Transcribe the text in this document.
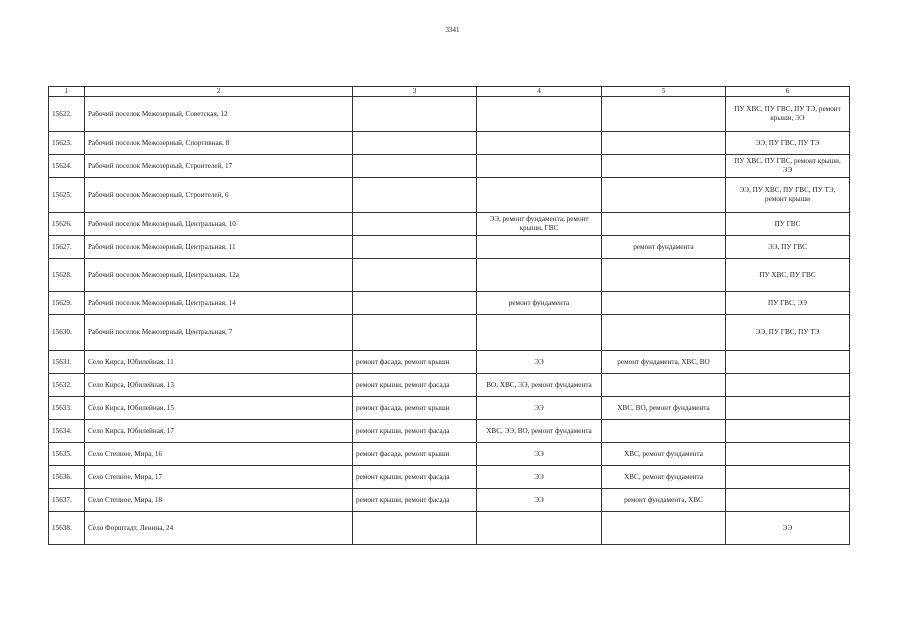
3341
1	2	3	4	5	6
15622.	Рабочий поселок Межозерный, Советская, 12				ПУ ХВС, ПУ ГВС, ПУ ТЭ, ремонт крыши, ЭЭ
15623.	Рабочий поселок Межозерный, Спортивная, 8				ЭЭ, ПУ ГВС, ПУ ТЭ
15624.	Рабочий поселок Межозерный, Строителей, 17				ПУ ХВС, ПУ ГВС, ремонт крыши, ЭЭ
15625.	Рабочий поселок Межозерный, Строителей, 6				ЭЭ, ПУ ХВС, ПУ ГВС, ПУ ТЭ, ремонт крыши
15626.	Рабочий поселок Межозерный, Центральная, 10		ЭЭ, ремонт фундамента, ремонт крыши, ГВС		ПУ ГВС
15627.	Рабочий поселок Межозерный, Центральная, 11			ремонт фундамента	ЭЭ, ПУ ГВС
15628.	Рабочий поселок Межозерный, Центральная, 12а				ПУ ХВС, ПУ ГВС
15629.	Рабочий поселок Межозерный, Центральная, 14		ремонт фундамента		ПУ ГВС, ЭЭ
15630.	Рабочий поселок Межозерный, Центральная, 7				ЭЭ, ПУ ГВС, ПУ ТЭ
15631.	Село Кирса, Юбилейная, 11	ремонт фасада, ремонт крыши	ЭЭ	ремонт фундамента, ХВС, ВО	
15632.	Село Кирса, Юбилейная, 13	ремонт крыши, ремонт фасада	ВО, ХВС, ЭЭ, ремонт фундамента		
15633.	Село Кирса, Юбилейная, 15	ремонт фасада, ремонт крыши	ЭЭ	ХВС, ВО, ремонт фундамента	
15634.	Село Кирса, Юбилейная, 17	ремонт крыши, ремонт фасада	ХВС, ЭЭ, ВО, ремонт фундамента		
15635.	Село Степное, Мира, 16	ремонт фасада, ремонт крыши	ЭЭ	ХВС, ремонт фундамента	
15636.	Село Степное, Мира, 17	ремонт крыши, ремонт фасада	ЭЭ	ХВС, ремонт фундамента	
15637.	Село Степное, Мира, 18	ремонт крыши, ремонт фасада	ЭЭ	ремонт фундамента, ХВС	
15638.	Село Форштадт, Ленина, 24				ЭЭ
